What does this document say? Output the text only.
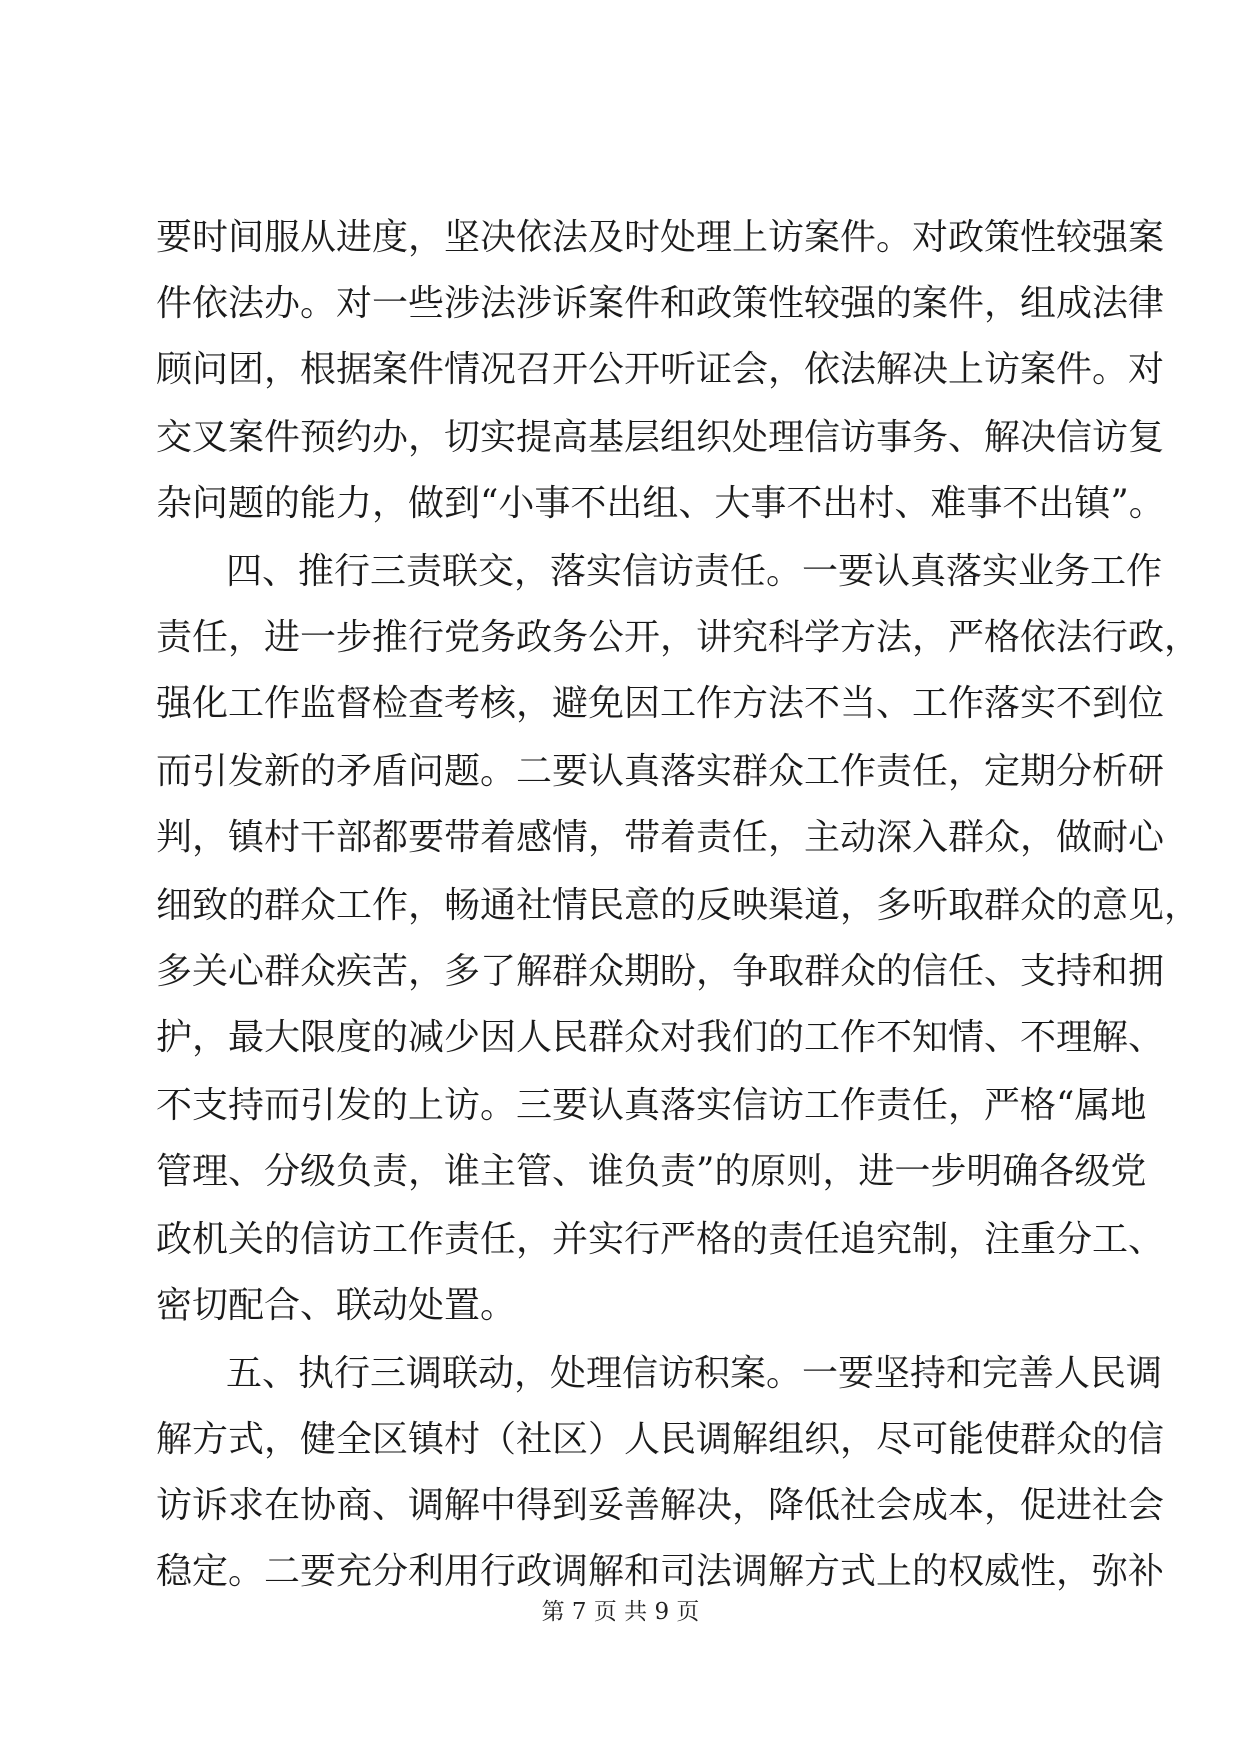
要时间服从进度，坚决依法及时处理上访案件。对政策性较强案
件依法办。对一些涉法涉诉案件和政策性较强的案件，组成法律
顾问团，根据案件情况召开公开听证会，依法解决上访案件。对
交叉案件预约办，切实提高基层组织处理信访事务、解决信访复
杂问题的能力，做到“小事不出组、大事不出村、难事不出镇”。
四、推行三责联交，落实信访责任。一要认真落实业务工作
责任，进一步推行党务政务公开，讲究科学方法，严格依法行政，
强化工作监督检查考核，避免因工作方法不当、工作落实不到位
而引发新的矛盾问题。二要认真落实群众工作责任，定期分析研
判，镇村干部都要带着感情，带着责任，主动深入群众，做耐心
细致的群众工作，畅通社情民意的反映渠道，多听取群众的意见，
多关心群众疾苦，多了解群众期盼，争取群众的信任、支持和拥
护，最大限度的减少因人民群众对我们的工作不知情、不理解、
不支持而引发的上访。三要认真落实信访工作责任，严格“属地
管理、分级负责，谁主管、谁负责”的原则，进一步明确各级党
政机关的信访工作责任，并实行严格的责任追究制，注重分工、
密切配合、联动处置。
五、执行三调联动，处理信访积案。一要坚持和完善人民调
解方式，健全区镇村（社区）人民调解组织，尽可能使群众的信
访诉求在协商、调解中得到妥善解决，降低社会成本，促进社会
稳定。二要充分利用行政调解和司法调解方式上的权威性，弥补
第 7 页 共 9 页
